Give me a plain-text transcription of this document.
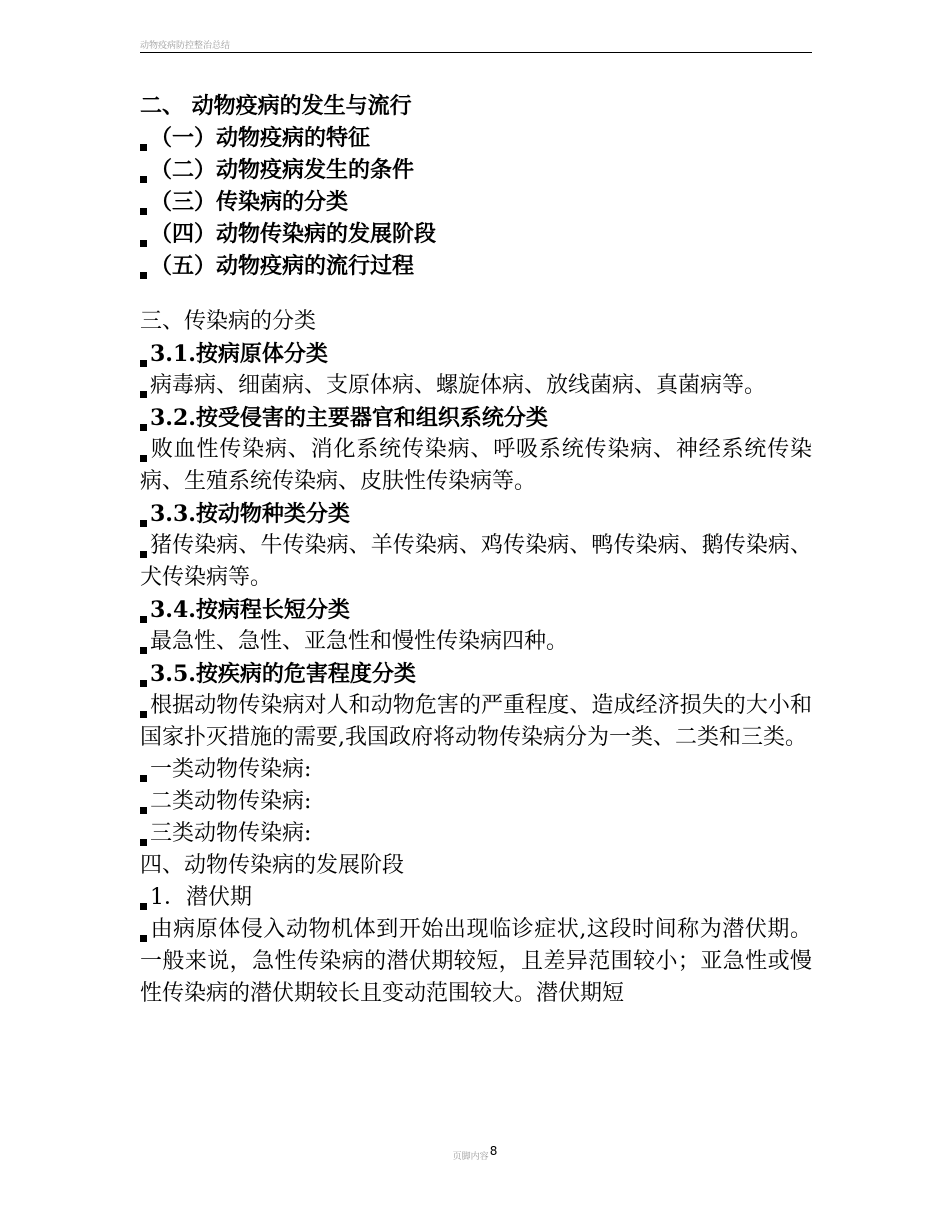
动物疫病防控整治总结
二、 动物疫病的发生与流行
（一）动物疫病的特征
（二）动物疫病发生的条件
（三）传染病的分类
（四）动物传染病的发展阶段
（五）动物疫病的流行过程
三、传染病的分类
3.1.按病原体分类

病毒病、细菌病、支原体病、螺旋体病、放线菌病、真菌病等。

3.2.按受侵害的主要器官和组织系统分类

败血性传染病、消化系统传染病、呼吸系统传染病、神经系统传染病、生殖系统传染病、皮肤性传染病等。

3.3.按动物种类分类

猪传染病、牛传染病、羊传染病、鸡传染病、鸭传染病、鹅传染病、犬传染病等。

3.4.按病程长短分类

最急性、急性、亚急性和慢性传染病四种。

3.5.按疾病的危害程度分类

根据动物传染病对人和动物危害的严重程度、造成经济损失的大小和国家扑灭措施的需要,我国政府将动物传染病分为一类、二类和三类。

一类动物传染病:
二类动物传染病:
三类动物传染病:
四、动物传染病的发展阶段
1．潜伏期

由病原体侵入动物机体到开始出现临诊症状,这段时间称为潜伏期。一般来说，急性传染病的潜伏期较短，且差异范围较小；亚急性或慢性传染病的潜伏期较长且变动范围较大。潜伏期短

页脚内容$^8$
